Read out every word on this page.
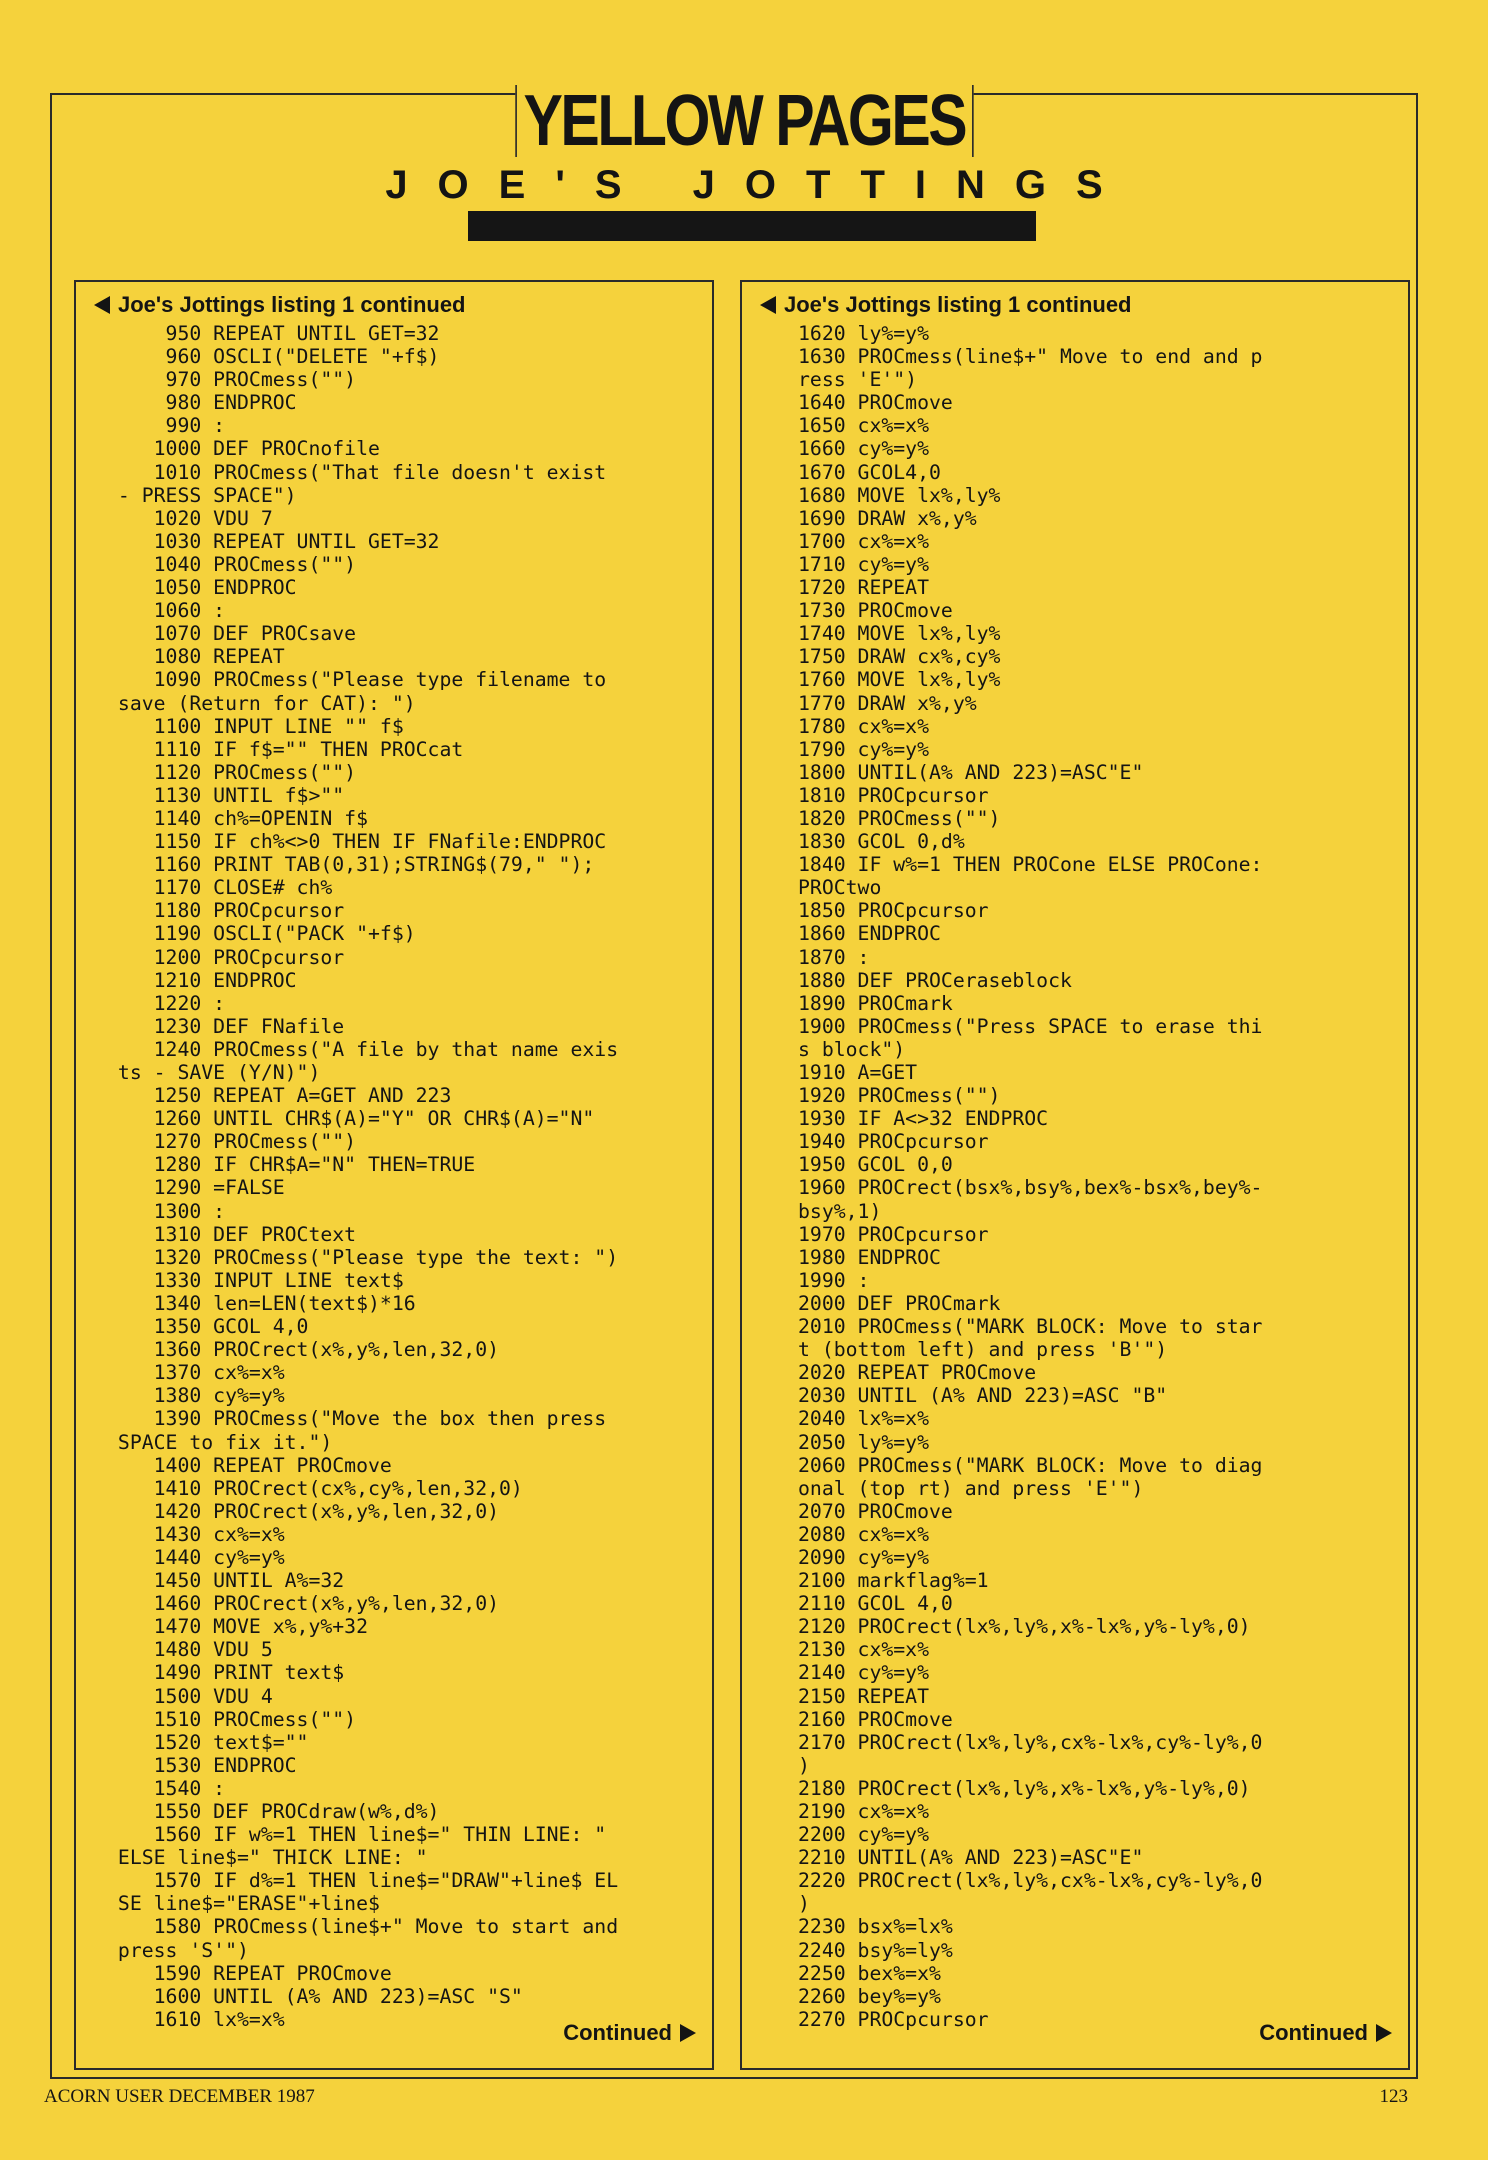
YELLOW PAGES
JOE'S JOTTINGS
Joe's Jottings listing 1 continued
950 REPEAT UNTIL GET=32
960 OSCLI("DELETE "+f$)
970 PROCmess("")
980 ENDPROC
990 :
1000 DEF PROCnofile
1010 PROCmess("That file doesn't exist
- PRESS SPACE")
1020 VDU 7
1030 REPEAT UNTIL GET=32
1040 PROCmess("")
1050 ENDPROC
1060 :
1070 DEF PROCsave
1080 REPEAT
1090 PROCmess("Please type filename to
save (Return for CAT): ")
1100 INPUT LINE "" f$
1110 IF f$="" THEN PROCcat
1120 PROCmess("")
1130 UNTIL f$>""
1140 ch%=OPENIN f$
1150 IF ch%<>0 THEN IF FNafile:ENDPROC
1160 PRINT TAB(0,31);STRING$(79," ");
1170 CLOSE# ch%
1180 PROCpcursor
1190 OSCLI("PACK "+f$)
1200 PROCpcursor
1210 ENDPROC
1220 :
1230 DEF FNafile
1240 PROCmess("A file by that name exis
ts - SAVE (Y/N)")
1250 REPEAT A=GET AND 223
1260 UNTIL CHR$(A)="Y" OR CHR$(A)="N"
1270 PROCmess("")
1280 IF CHR$A="N" THEN=TRUE
1290 =FALSE
1300 :
1310 DEF PROCtext
1320 PROCmess("Please type the text: ")
1330 INPUT LINE text$
1340 len=LEN(text$)*16
1350 GCOL 4,0
1360 PROCrect(x%,y%,len,32,0)
1370 cx%=x%
1380 cy%=y%
1390 PROCmess("Move the box then press
SPACE to fix it.")
1400 REPEAT PROCmove
1410 PROCrect(cx%,cy%,len,32,0)
1420 PROCrect(x%,y%,len,32,0)
1430 cx%=x%
1440 cy%=y%
1450 UNTIL A%=32
1460 PROCrect(x%,y%,len,32,0)
1470 MOVE x%,y%+32
1480 VDU 5
1490 PRINT text$
1500 VDU 4
1510 PROCmess("")
1520 text$=""
1530 ENDPROC
1540 :
1550 DEF PROCdraw(w%,d%)
1560 IF w%=1 THEN line$=" THIN LINE: "
ELSE line$=" THICK LINE: "
1570 IF d%=1 THEN line$="DRAW"+line$ EL
SE line$="ERASE"+line$
1580 PROCmess(line$+" Move to start and
press 'S'")
1590 REPEAT PROCmove
1600 UNTIL (A% AND 223)=ASC "S"
1610 lx%=x%
Continued
Joe's Jottings listing 1 continued
1620 ly%=y%
1630 PROCmess(line$+" Move to end and p
ress 'E'")
1640 PROCmove
1650 cx%=x%
1660 cy%=y%
1670 GCOL4,0
1680 MOVE lx%,ly%
1690 DRAW x%,y%
1700 cx%=x%
1710 cy%=y%
1720 REPEAT
1730 PROCmove
1740 MOVE lx%,ly%
1750 DRAW cx%,cy%
1760 MOVE lx%,ly%
1770 DRAW x%,y%
1780 cx%=x%
1790 cy%=y%
1800 UNTIL(A% AND 223)=ASC"E"
1810 PROCpcursor
1820 PROCmess("")
1830 GCOL 0,d%
1840 IF w%=1 THEN PROCone ELSE PROCone:
PROCtwo
1850 PROCpcursor
1860 ENDPROC
1870 :
1880 DEF PROCeraseblock
1890 PROCmark
1900 PROCmess("Press SPACE to erase thi
s block")
1910 A=GET
1920 PROCmess("")
1930 IF A<>32 ENDPROC
1940 PROCpcursor
1950 GCOL 0,0
1960 PROCrect(bsx%,bsy%,bex%-bsx%,bey%-
bsy%,1)
1970 PROCpcursor
1980 ENDPROC
1990 :
2000 DEF PROCmark
2010 PROCmess("MARK BLOCK: Move to star
t (bottom left) and press 'B'")
2020 REPEAT PROCmove
2030 UNTIL (A% AND 223)=ASC "B"
2040 lx%=x%
2050 ly%=y%
2060 PROCmess("MARK BLOCK: Move to diag
onal (top rt) and press 'E'")
2070 PROCmove
2080 cx%=x%
2090 cy%=y%
2100 markflag%=1
2110 GCOL 4,0
2120 PROCrect(lx%,ly%,x%-lx%,y%-ly%,0)
2130 cx%=x%
2140 cy%=y%
2150 REPEAT
2160 PROCmove
2170 PROCrect(lx%,ly%,cx%-lx%,cy%-ly%,0
)
2180 PROCrect(lx%,ly%,x%-lx%,y%-ly%,0)
2190 cx%=x%
2200 cy%=y%
2210 UNTIL(A% AND 223)=ASC"E"
2220 PROCrect(lx%,ly%,cx%-lx%,cy%-ly%,0
)
2230 bsx%=lx%
2240 bsy%=ly%
2250 bex%=x%
2260 bey%=y%
2270 PROCpcursor
Continued
ACORN USER DECEMBER 1987	123
